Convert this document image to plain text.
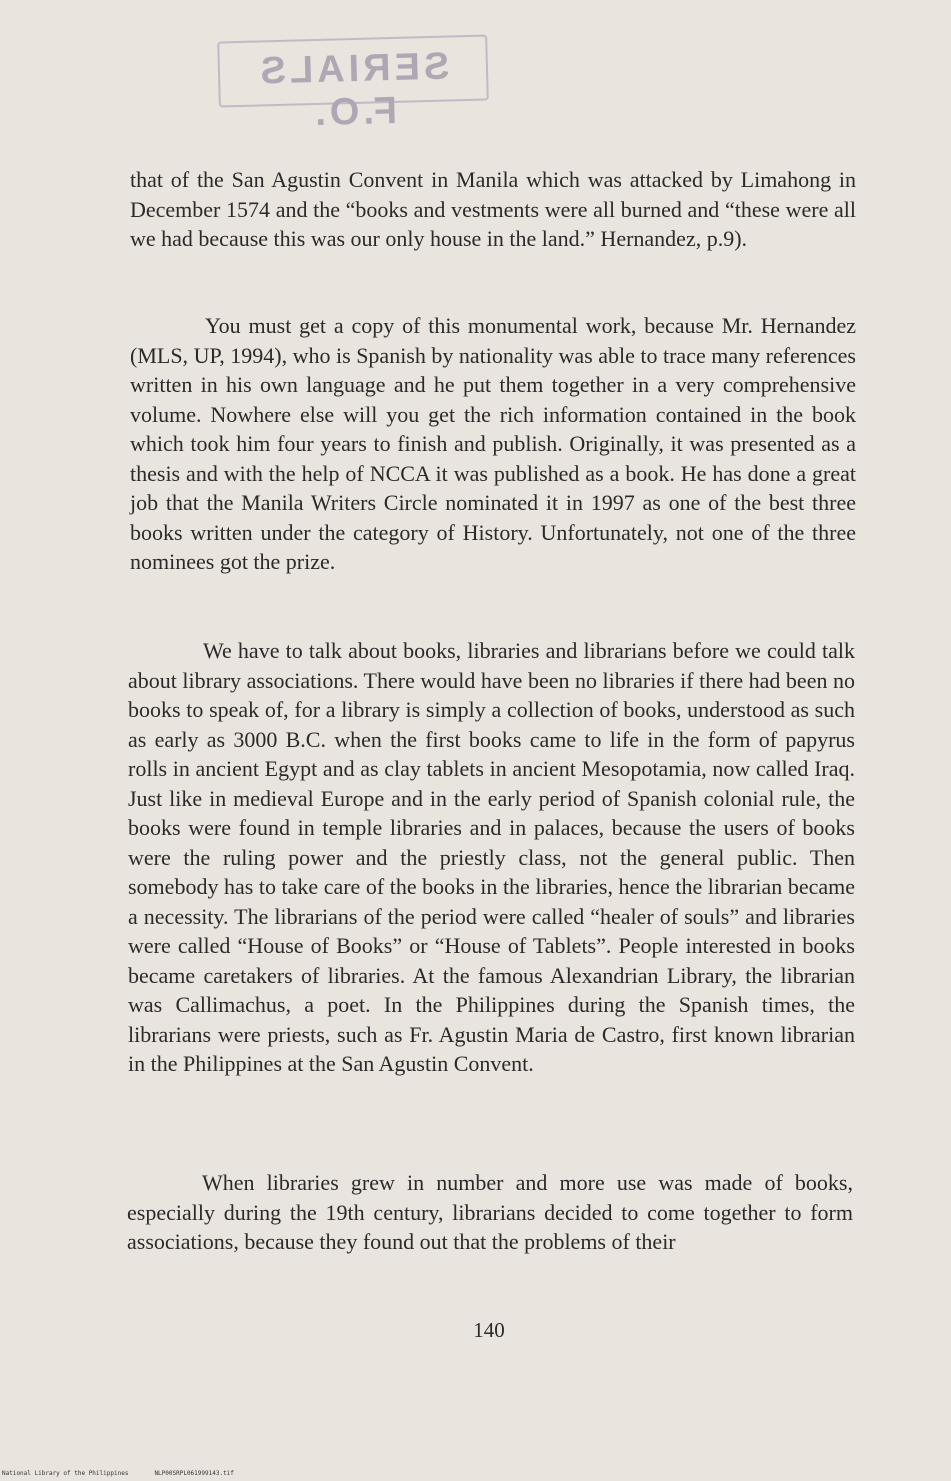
SERIALS F.O.

that of the San Agustin Convent in Manila which was attacked by Limahong in December 1574 and the “books and vestments were all burned and “these were all we had because this was our only house in the land.” Hernandez, p.9).

You must get a copy of this monumental work, because Mr. Hernandez (MLS, UP, 1994), who is Spanish by nationality was able to trace many references written in his own language and he put them together in a very comprehensive volume. Nowhere else will you get the rich information contained in the book which took him four years to finish and publish. Originally, it was presented as a thesis and with the help of NCCA it was published as a book. He has done a great job that the Manila Writers Circle nominated it in 1997 as one of the best three books written under the category of History. Unfortunately, not one of the three nominees got the prize.

We have to talk about books, libraries and librarians before we could talk about library associations. There would have been no libraries if there had been no books to speak of, for a library is simply a collection of books, understood as such as early as 3000 B.C. when the first books came to life in the form of papyrus rolls in ancient Egypt and as clay tablets in ancient Mesopotamia, now called Iraq. Just like in medieval Europe and in the early period of Spanish colonial rule, the books were found in temple libraries and in palaces, because the users of books were the ruling power and the priestly class, not the general public. Then somebody has to take care of the books in the libraries, hence the librarian became a necessity. The librarians of the period were called “healer of souls” and libraries were called “House of Books” or “House of Tablets”. People interested in books became caretakers of libraries. At the famous Alexandrian Library, the librarian was Callimachus, a poet. In the Philippines during the Spanish times, the librarians were priests, such as Fr. Agustin Maria de Castro, first known librarian in the Philippines at the San Agustin Convent.

When libraries grew in number and more use was made of books, especially during the 19th century, librarians decided to come together to form associations, because they found out that the problems of their

140
National Library of the Philippines	NLP00SRPL061999143.tif
